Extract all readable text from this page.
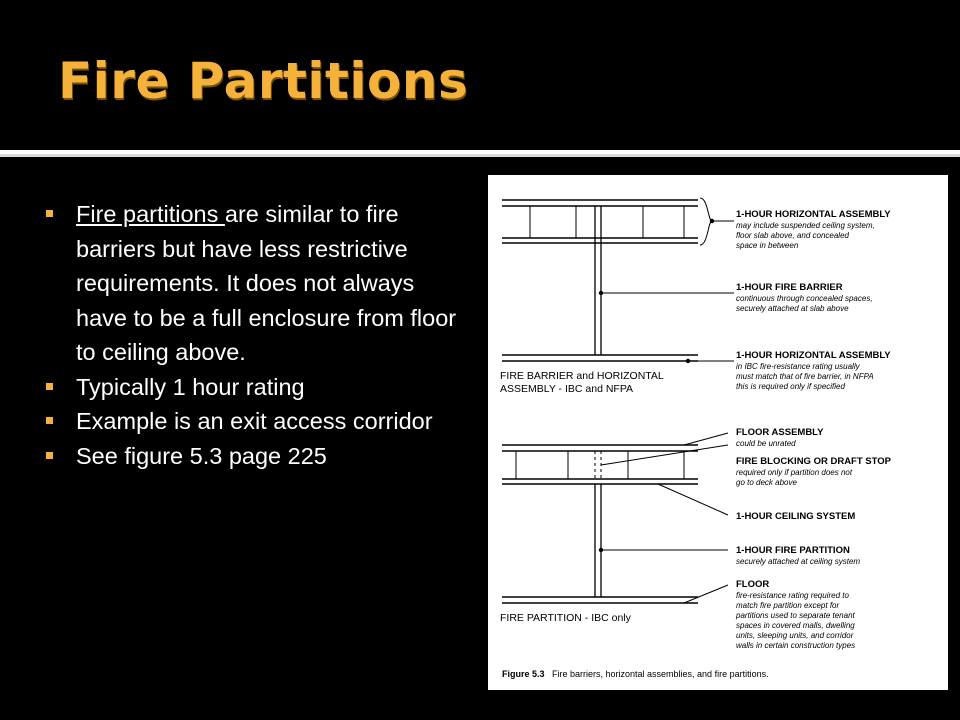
Fire Partitions
Fire partitions are similar to fire barriers but have less restrictive requirements. It does not always have to be a full enclosure from floor to ceiling above.
Typically 1 hour rating
Example is an exit access corridor
See figure 5.3 page 225
FIRE BARRIER and HORIZONTAL ASSEMBLY - IBC and NFPA
FIRE PARTITION - IBC only
1-HOUR HORIZONTAL ASSEMBLY
may include suspended ceiling system,
floor slab above, and concealed
space in between
1-HOUR FIRE BARRIER
continuous through concealed spaces,
securely attached at slab above
1-HOUR HORIZONTAL ASSEMBLY
in IBC fire-resistance rating usually
must match that of fire barrier, in NFPA
this is required only if specified
FLOOR ASSEMBLY
could be unrated
FIRE BLOCKING OR DRAFT STOP
required only if partition does not
go to deck above
1-HOUR CEILING SYSTEM
1-HOUR FIRE PARTITION
securely attached at ceiling system
FLOOR
fire-resistance rating required to
match fire partition except for
partitions used to separate tenant
spaces in covered malls, dwelling
units, sleeping units, and corridor
walls in certain construction types
Figure 5.3 Fire barriers, horizontal assemblies, and fire partitions.
